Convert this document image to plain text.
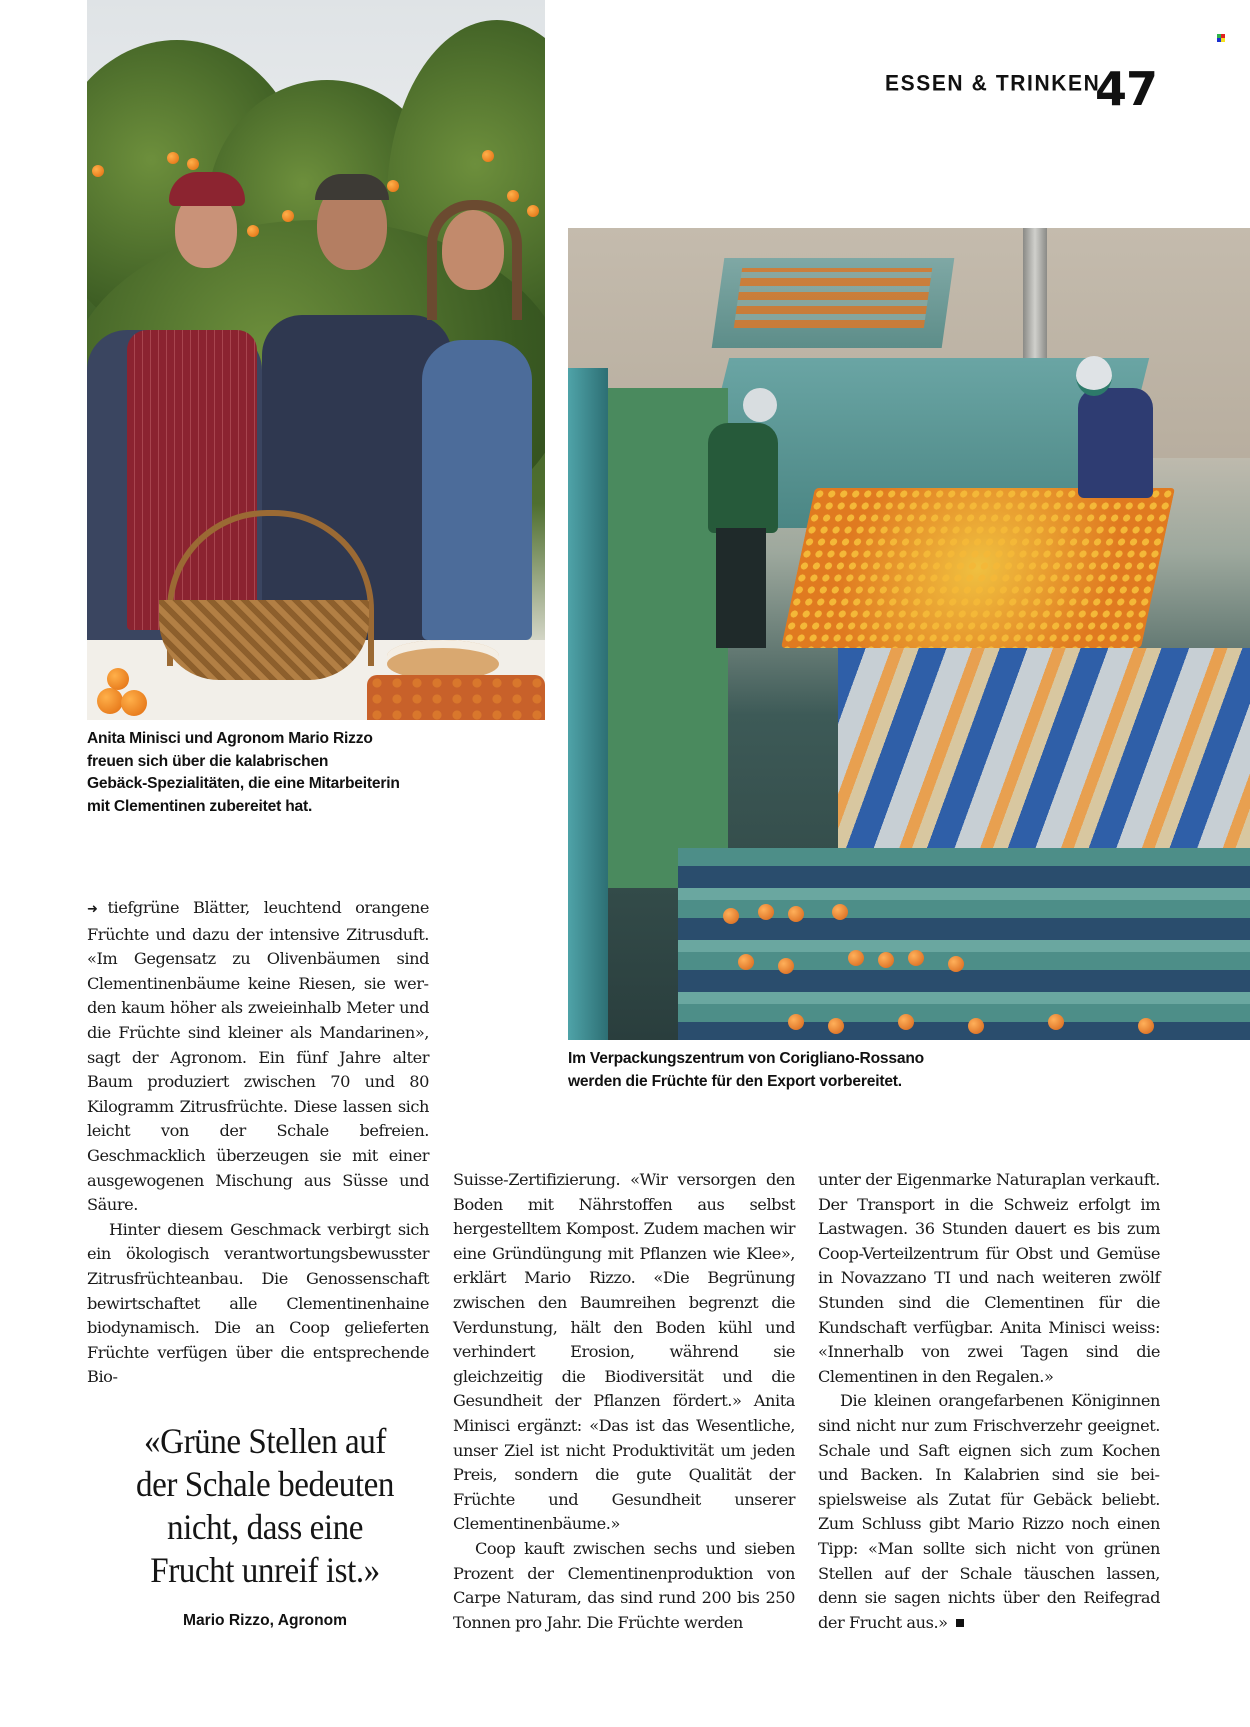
ESSEN & TRINKEN
47
Anita Minisci und Agronom Mario Rizzo
freuen sich über die kalabrischen
Gebäck-Spezialitäten, die eine Mitarbeiterin
mit Clementinen zubereitet hat.
Im Verpackungszentrum von Corigliano-Rossano
werden die Früchte für den Export vorbereitet.

➜ tiefgrüne Blätter, leuchtend orangene Früchte und dazu der intensive Zitrusduft. «Im Gegensatz zu Olivenbäumen sind Clementinenbäume keine Riesen, sie werden kaum höher als zweieinhalb Meter und die Früchte sind kleiner als Mandarinen», sagt der Agronom. Ein fünf Jahre alter Baum produziert zwischen 70 und 80 Kilogramm Zitrusfrüchte. Diese lassen sich leicht von der Schale befreien. Geschmacklich überzeugen sie mit einer ausgewogenen Mischung aus Süsse und Säure.

Hinter diesem Geschmack verbirgt sich ein ökologisch verantwortungsbewusster Zitrusfrüchteanbau. Die Genossenschaft bewirtschaftet alle Clementinenhaine biodynamisch. Die an Coop gelieferten Früchte verfügen über die entsprechende Bio-

Suisse-Zertifizierung. «Wir versorgen den Boden mit Nährstoffen aus selbst hergestelltem Kompost. Zudem machen wir eine Gründüngung mit Pflanzen wie Klee», erklärt Mario Rizzo. «Die Begrünung zwischen den Baumreihen begrenzt die Verdunstung, hält den Boden kühl und verhindert Erosion, während sie gleichzeitig die Biodiversität und die Gesundheit der Pflanzen fördert.» Anita Minisci ergänzt: «Das ist das Wesentliche, unser Ziel ist nicht Produktivität um jeden Preis, sondern die gute Qualität der Früchte und Gesundheit unserer Clementinenbäume.»

Coop kauft zwischen sechs und sieben Prozent der Clementinenproduktion von Carpe Naturam, das sind rund 200 bis 250 Tonnen pro Jahr. Die Früchte werden

unter der Eigenmarke Naturaplan verkauft. Der Transport in die Schweiz erfolgt im Lastwagen. 36 Stunden dauert es bis zum Coop-Verteilzentrum für Obst und Gemüse in Novazzano TI und nach weiteren zwölf Stunden sind die Clementinen für die Kundschaft verfügbar. Anita Minisci weiss: «Innerhalb von zwei Tagen sind die Clementinen in den Regalen.»

Die kleinen orangefarbenen Königinnen sind nicht nur zum Frischverzehr geeignet. Schale und Saft eignen sich zum Kochen und Backen. In Kalabrien sind sie beispielsweise als Zutat für Gebäck beliebt. Zum Schluss gibt Mario Rizzo noch einen Tipp: «Man sollte sich nicht von grünen Stellen auf der Schale täuschen lassen, denn sie sagen nichts über den Reifegrad der Frucht aus.»

«Grüne Stellen auf
der Schale bedeuten
nicht, dass eine
Frucht unreif ist.»
Mario Rizzo, Agronom
